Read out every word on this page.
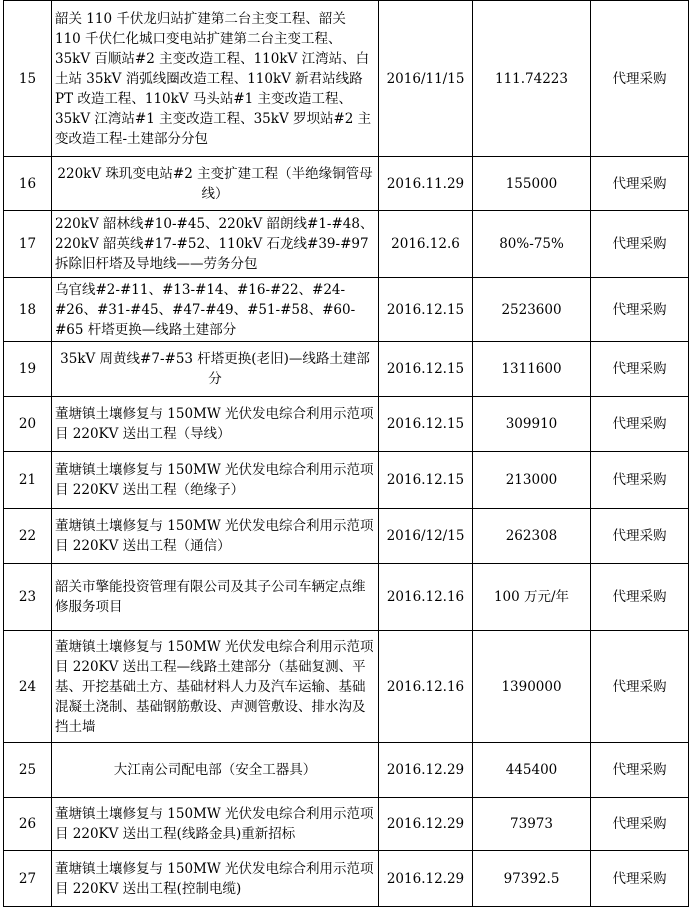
15	韶关 110 千伏龙归站扩建第二台主变工程、韶关 110 千伏仁化城口变电站扩建第二台主变工程、35kV 百顺站#2 主变改造工程、110kV 江湾站、白土站 35kV 消弧线圈改造工程、110kV 新君站线路 PT 改造工程、110kV 马头站#1 主变改造工程、35kV 江湾站#1 主变改造工程、35kV 罗坝站#2 主变改造工程-土建部分分包	2016/11/15	111.74223	代理采购
16	220kV 珠玑变电站#2 主变扩建工程（半绝缘铜管母线）	2016.11.29	155000	代理采购
17	220kV 韶林线#10-#45、220kV 韶朗线#1-#48、220kV 韶英线#17-#52、110kV 石龙线#39-#97 拆除旧杆塔及导地线——劳务分包	2016.12.6	80%-75%	代理采购
18	乌官线#2-#11、#13-#14、#16-#22、#24-#26、#31-#45、#47-#49、#51-#58、#60-#65 杆塔更换—线路土建部分	2016.12.15	2523600	代理采购
19	35kV 周黄线#7-#53 杆塔更换(老旧)—线路土建部分	2016.12.15	1311600	代理采购
20	董塘镇土壤修复与 150MW 光伏发电综合利用示范项目 220KV 送出工程（导线）	2016.12.15	309910	代理采购
21	董塘镇土壤修复与 150MW 光伏发电综合利用示范项目 220KV 送出工程（绝缘子）	2016.12.15	213000	代理采购
22	董塘镇土壤修复与 150MW 光伏发电综合利用示范项目 220KV 送出工程（通信）	2016/12/15	262308	代理采购
23	韶关市擎能投资管理有限公司及其子公司车辆定点维修服务项目	2016.12.16	100 万元/年	代理采购
24	董塘镇土壤修复与 150MW 光伏发电综合利用示范项目 220KV 送出工程—线路土建部分（基础复测、平基、开挖基础土方、基础材料人力及汽车运输、基础混凝土浇制、基础钢筋敷设、声测管敷设、排水沟及挡土墙	2016.12.16	1390000	代理采购
25	大江南公司配电部（安全工器具）	2016.12.29	445400	代理采购
26	董塘镇土壤修复与 150MW 光伏发电综合利用示范项目 220KV 送出工程(线路金具)重新招标	2016.12.29	73973	代理采购
27	董塘镇土壤修复与 150MW 光伏发电综合利用示范项目 220KV 送出工程(控制电缆)	2016.12.29	97392.5	代理采购
